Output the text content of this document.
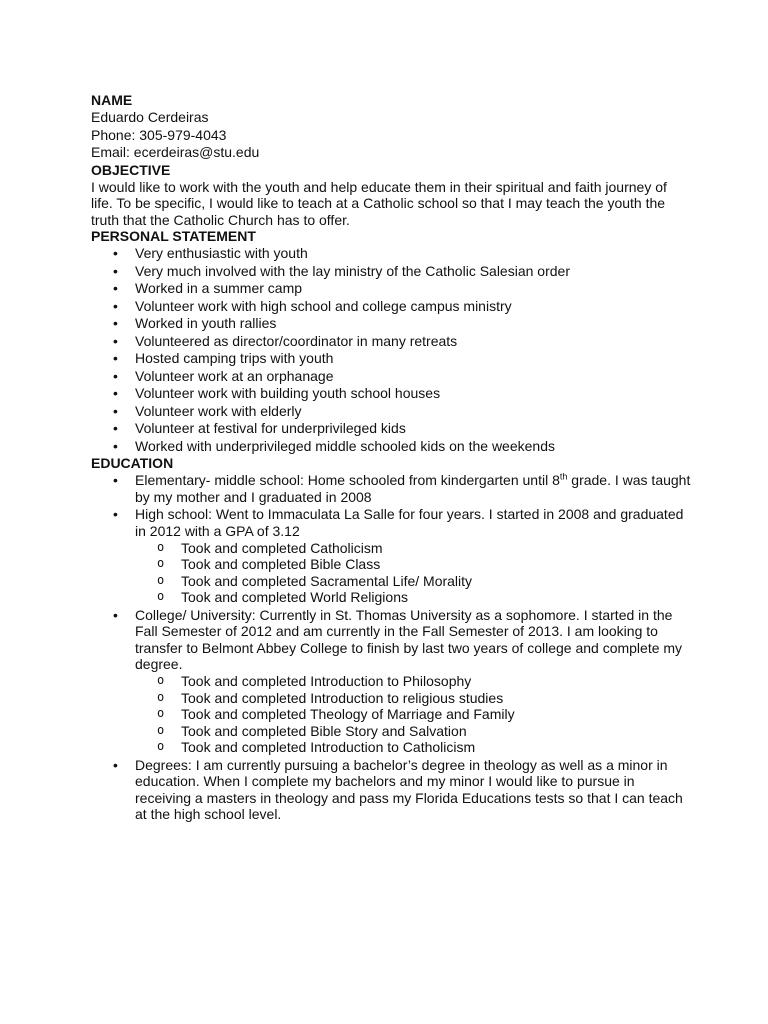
NAME
Eduardo Cerdeiras
Phone: 305-979-4043
Email: ecerdeiras@stu.edu
OBJECTIVE

I would like to work with the youth and help educate them in their spiritual and faith journey of life. To be specific, I would like to teach at a Catholic school so that I may teach the youth the truth that the Catholic Church has to offer.

PERSONAL STATEMENT
• Very enthusiastic with youth
• Very much involved with the lay ministry of the Catholic Salesian order
• Worked in a summer camp
• Volunteer work with high school and college campus ministry
• Worked in youth rallies
• Volunteered as director/coordinator in many retreats
• Hosted camping trips with youth
• Volunteer work at an orphanage
• Volunteer work with building youth school houses
• Volunteer work with elderly
• Volunteer at festival for underprivileged kids
• Worked with underprivileged middle schooled kids on the weekends
EDUCATION
• Elementary- middle school: Home schooled from kindergarten until 8th grade. I was taught by my mother and I graduated in 2008
• High school: Went to Immaculata La Salle for four years. I started in 2008 and graduated in 2012 with a GPA of 3.12
o Took and completed Catholicism
o Took and completed Bible Class
o Took and completed Sacramental Life/ Morality
o Took and completed World Religions
• College/ University: Currently in St. Thomas University as a sophomore. I started in the Fall Semester of 2012 and am currently in the Fall Semester of 2013. I am looking to transfer to Belmont Abbey College to finish by last two years of college and complete my degree.
o Took and completed Introduction to Philosophy
o Took and completed Introduction to religious studies
o Took and completed Theology of Marriage and Family
o Took and completed Bible Story and Salvation
o Took and completed Introduction to Catholicism
• Degrees: I am currently pursuing a bachelor’s degree in theology as well as a minor in education. When I complete my bachelors and my minor I would like to pursue in receiving a masters in theology and pass my Florida Educations tests so that I can teach at the high school level.
